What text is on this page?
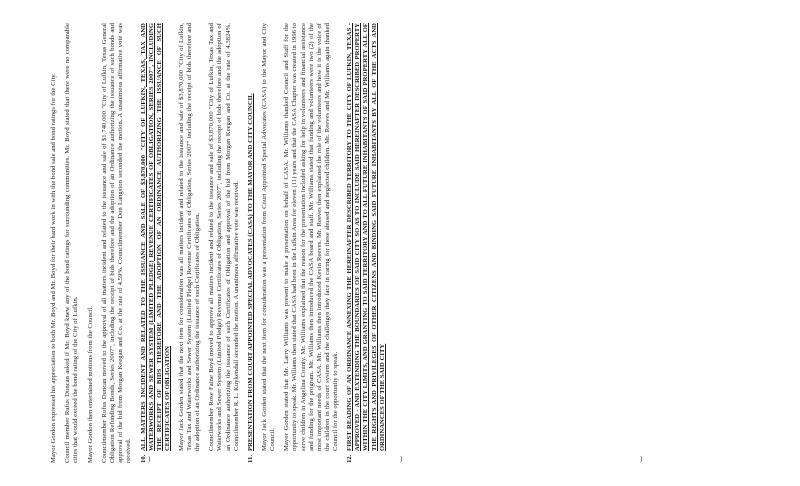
Mayor Gordon expressed his appreciation to both Mr. Boyd and Mr. Boyd for their hard work in with the bond sale and bond ratings for the City. Council member Rufus Duncan asked if Mr. Boyd knew any of the bond ratings for surrounding communities. Mr. Boyd stated that there were no comparable cities that would exceed the bond rating of the City of Lufkin. Mayor Gordon then entertained motions from the Council. Councilmember Rufus Duncan moved to the approval of all matters incident and related to the issuance and sale of $1,740,000 "City of Lufkin, Texas General Obligation Refunding Bonds, Series 2007", including the receipt of bids therefore and the adoption of an Ordinance authorizing the issuance of such bonds and approval of the bid from Morgan Keegan and Co. at the rate of 4.59%. Councilmember Don Langston seconded the motion. A unanimous affirmative vote was received. 10.
ALL MATTERS INCIDENT AND RELATED TO THE ISSUANCE AND SALE OF $3,870,000 "CITY OF LUFKIN, TEXAS, TAX AND WATERWORKS AND SEWER SYSTEM (LIMITED PLEDGE) REVENUE CERTIFICATES OF OBLIGATION, SERIES 2007", INCLUDING THE RECEIPT OF BIDS THEREFORE AND THE ADOPTION OF AN ORDINANCE AUTHORIZING THE ISSUANCE OF SUCH CERTIFICATES OF OBLIGATION Mayor Jack Gorden stated that the next item for consideration was all matters incident and related to the issuance and sale of $3,870,000 "City of Lufkin, Texas Tax and Waterworks and Sewer System (Limited Pledge) Revenue Certificates of Obligation, Series 2007" including the receipt of bids therefore and the adoption of an Ordinance authorizing the issuance of such Certificates of Obligation. Councilmember Rose Faine Boyd moved to approve all matters incident and related to the issuance and sale of $3,870,000 "City of Lufkin, Texas Tax and Waterworks and Sewer System (Limited Pledge) Revenue Certificates of Obligation, Series 2007", including the receipt of bids therefore and the adoption of an Ordinance authorizing the issuance of such Certificates of Obligation and approval of the bid from Morgan Keegan and Co. at the rate of 4.3824%. Councilmember R. L. Kuykendall seconded the motion. A unanimous affirmative vote was received.

11.
PRESENTATION FROM COURT APPOINTED SPECIAL ADVOCATES (CASA) TO THE MAYOR AND CITY COUNCIL Mayor Jack Gorden stated that the next item for consideration was a presentation from Court Appointed Special Advocates (CASA) to the Mayor and City Council. Mayor Gorden stated that Mr. Larry Williams was present to make a presentation on behalf of CASA. Mr. Williams thanked Council and Staff for the opportunity to speak. Mr. Williams then stated that CASA had been in the Lufkin Area for eleven (11) years and that the CASA Chapter was created in 1996 to serve children in Angelina County. Mr. Williams explained that the reason for the presentation included asking for help in volunteers and financial assistance and funding for the program. Mr. Williams then introduced the CASA board and staff. Mr. Williams stated that funding and volunteers were two (2) of the most important needs of CASA. Mr. Williams then introduced Kevin Reeves. Mr. Reeves then explained the role of the volunteers and how it is the voice of the children in the court system and the challenges they face in caring for these abused and neglected children. Mr. Reeves and Mr. Williams again thanked Council for the opportunity to speak.

12.
FIRST READING OF AN ORDINANCE ANNEXING THE HEREINAFTER DESCRIBED TERRITORY TO THE CITY OF LUFKIN, TEXAS - APPROVED - AND EXTENDING THE BOUNDARIES OF SAID CITY SO AS TO INCLUDE SAID HEREINAFTER DESCRIBED PROPERTY WITHIN THE CITY LIMITS, AND GRANTING TO SAID TERRITORY AND TO ALL FUTURE INHABITANTS OF SAID PROPERTY ALL OF THE RIGHTS AND PRIVILEGES OF OTHER CITIZENS AND BINDING SAID FUTURE INHABITANTS BY ALL OF THE ACTS AND ORDINANCES OF THE SAID CITY
)	)	)
